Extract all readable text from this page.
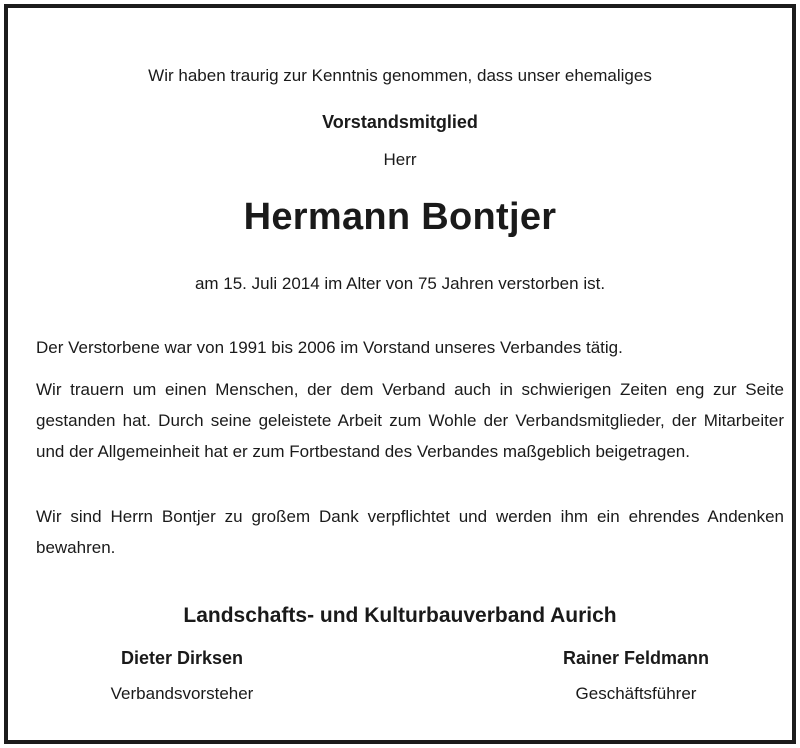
Wir haben traurig zur Kenntnis genommen, dass unser ehemaliges
Vorstandsmitglied
Herr
Hermann Bontjer
am 15. Juli 2014 im Alter von 75 Jahren verstorben ist.

Der Verstorbene war von 1991 bis 2006 im Vorstand unseres Verbandes tätig.

Wir trauern um einen Menschen, der dem Verband auch in schwierigen Zeiten eng zur Seite gestanden hat. Durch seine geleistete Arbeit zum Wohle der Verbandsmitglieder, der Mitarbeiter und der Allgemeinheit hat er zum Fortbestand des Verbandes maßgeblich beigetragen.

Wir sind Herrn Bontjer zu großem Dank verpflichtet und werden ihm ein ehrendes Andenken bewahren.

Landschafts- und Kulturbauverband Aurich
Dieter Dirksen
Verbandsvorsteher
Rainer Feldmann
Geschäftsführer
